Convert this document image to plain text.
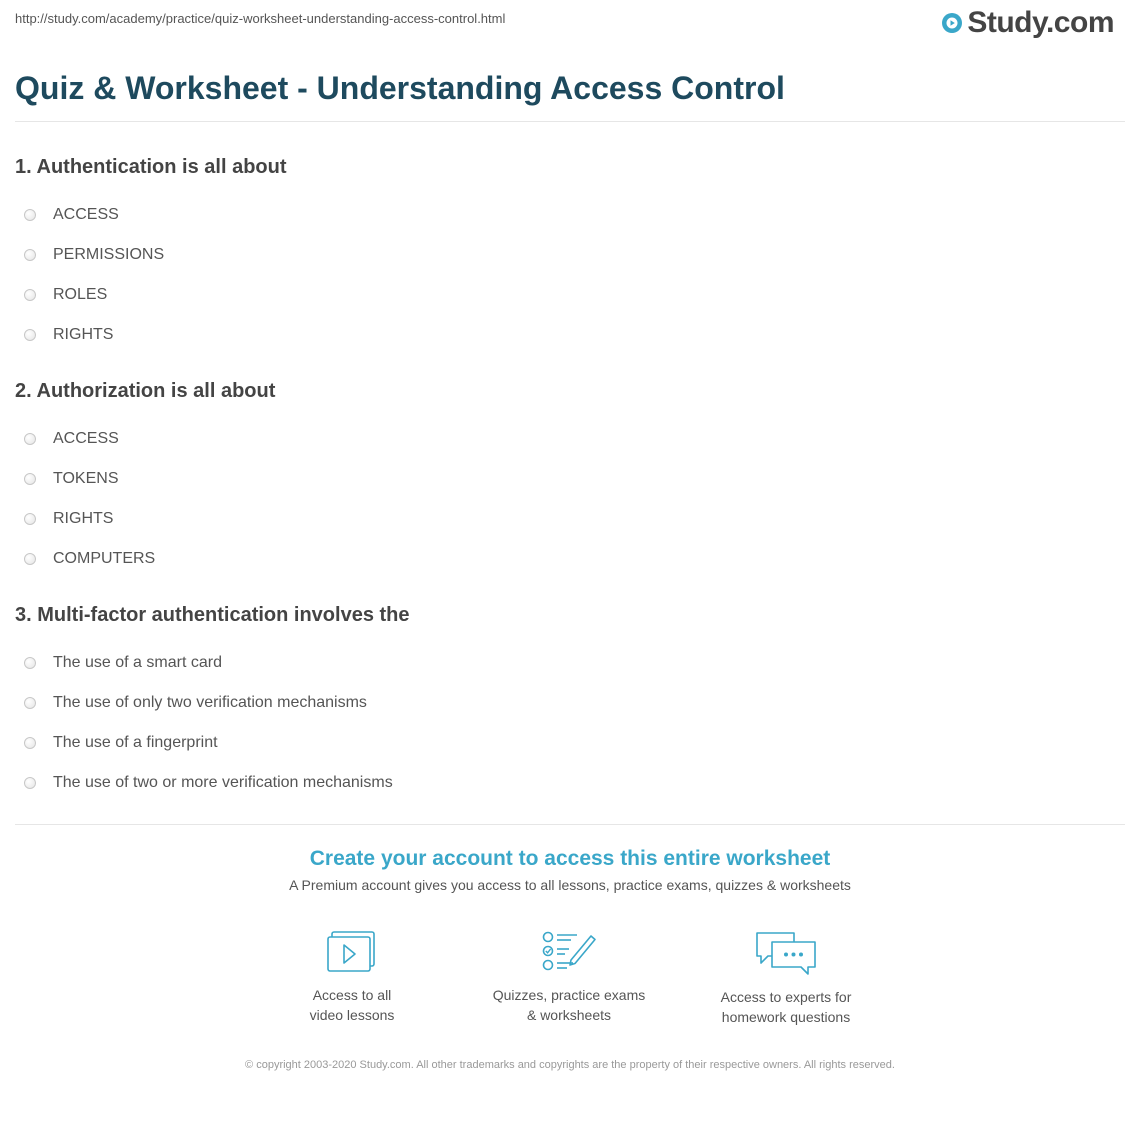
http://study.com/academy/practice/quiz-worksheet-understanding-access-control.html	Study.com
Quiz & Worksheet - Understanding Access Control
1. Authentication is all about
ACCESS
PERMISSIONS
ROLES
RIGHTS
2. Authorization is all about
ACCESS
TOKENS
RIGHTS
COMPUTERS
3. Multi-factor authentication involves the
The use of a smart card
The use of only two verification mechanisms
The use of a fingerprint
The use of two or more verification mechanisms
Create your account to access this entire worksheet
A Premium account gives you access to all lessons, practice exams, quizzes & worksheets
Access to all
video lessons
Quizzes, practice exams
& worksheets
Access to experts for
homework questions
© copyright 2003-2020 Study.com. All other trademarks and copyrights are the property of their respective owners. All rights reserved.
